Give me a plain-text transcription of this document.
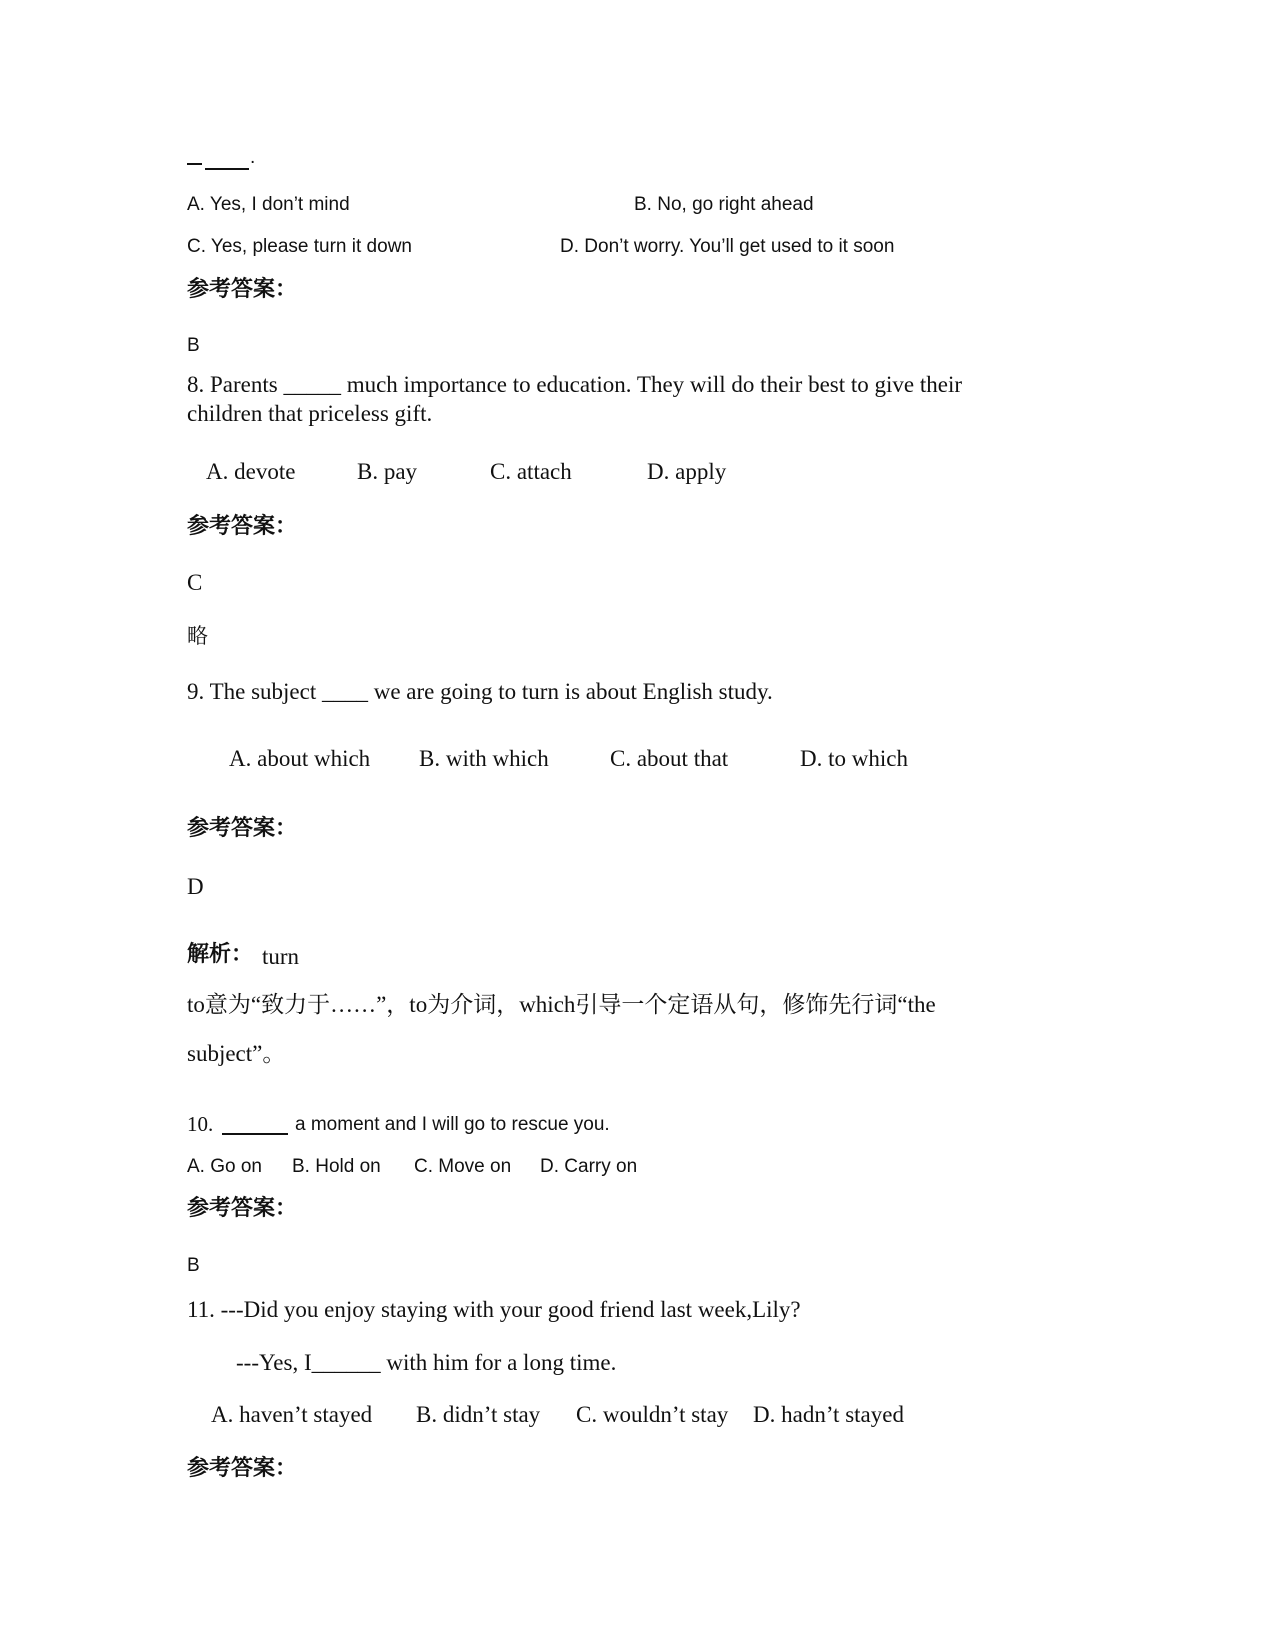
.
A. Yes, I don’t mind	B. No, go right ahead
C. Yes, please turn it down	D. Don’t worry. You’ll get used to it soon
参考答案：
B
8. Parents _____ much importance to education. They will do their best to give their
children that priceless gift.
A. devote	B. pay	C. attach	D. apply
参考答案：
C
略
9. The subject ____ we are going to turn is about English study.
A. about which B. with which	C. about that	D. to which
参考答案：
D
解析： turn
to意为“致力于……”，to为介词，which引导一个定语从句，修饰先行词“the
subject”。
10.	a moment and I will go to rescue you.
A. Go on B. Hold on C. Move on D. Carry on
参考答案：
B
11. ---Did you enjoy staying with your good friend last week,Lily?
---Yes, I______ with him for a long time.
A. haven’t stayed B. didn’t stay C. wouldn’t stay D. hadn’t stayed
参考答案：
